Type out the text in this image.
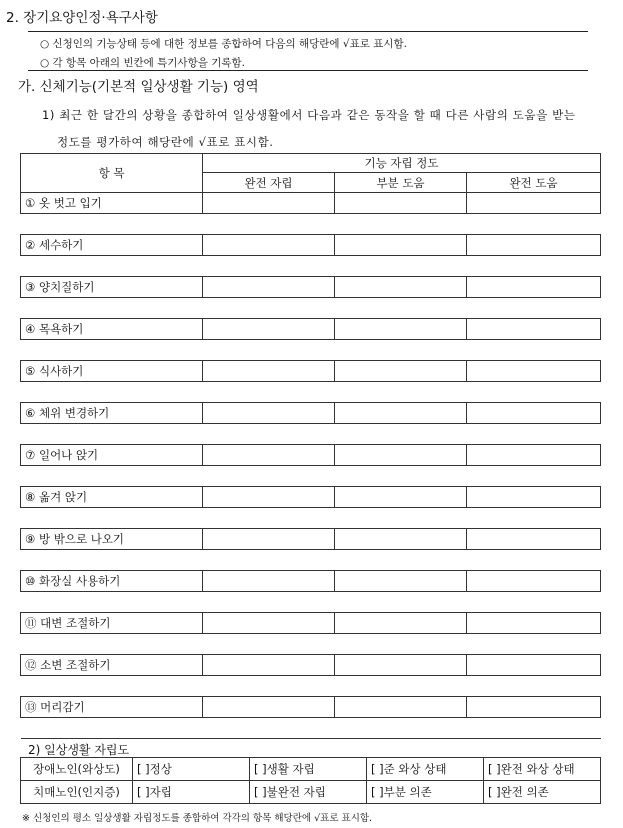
2. 장기요양인정·욕구사항
○ 신청인의 기능상태 등에 대한 정보를 종합하여 다음의 해당란에 √표로 표시함.
○ 각 항목 아래의 빈칸에 특기사항을 기록함.
가. 신체기능(기본적 일상생활 기능) 영역
1) 최근 한 달간의 상황을 종합하여 일상생활에서 다음과 같은 동작을 할 때 다른 사람의 도움을 받는
정도를 평가하여 해당란에 √표로 표시함.
항 목	기능 자립 정도		
	완전 자립	부분 도움	완전 도움
① 옷 벗고 입기			

② 세수하기			

③ 양치질하기			

④ 목욕하기			

⑤ 식사하기			

⑥ 체위 변경하기			

⑦ 일어나 앉기			

⑧ 옮겨 앉기			

⑨ 방 밖으로 나오기			

⑩ 화장실 사용하기			

⑪ 대변 조절하기			

⑫ 소변 조절하기			

⑬ 머리감기			

2) 일상생활 자립도
장애노인(와상도)	[ ]정상	[ ]생활 자립	[ ]준 와상 상태	[ ]완전 와상 상태
치매노인(인지증)	[ ]자립	[ ]불완전 자립	[ ]부분 의존	[ ]완전 의존
※ 신청인의 평소 일상생활 자립정도를 종합하여 각각의 항목 해당란에 √표로 표시함.
